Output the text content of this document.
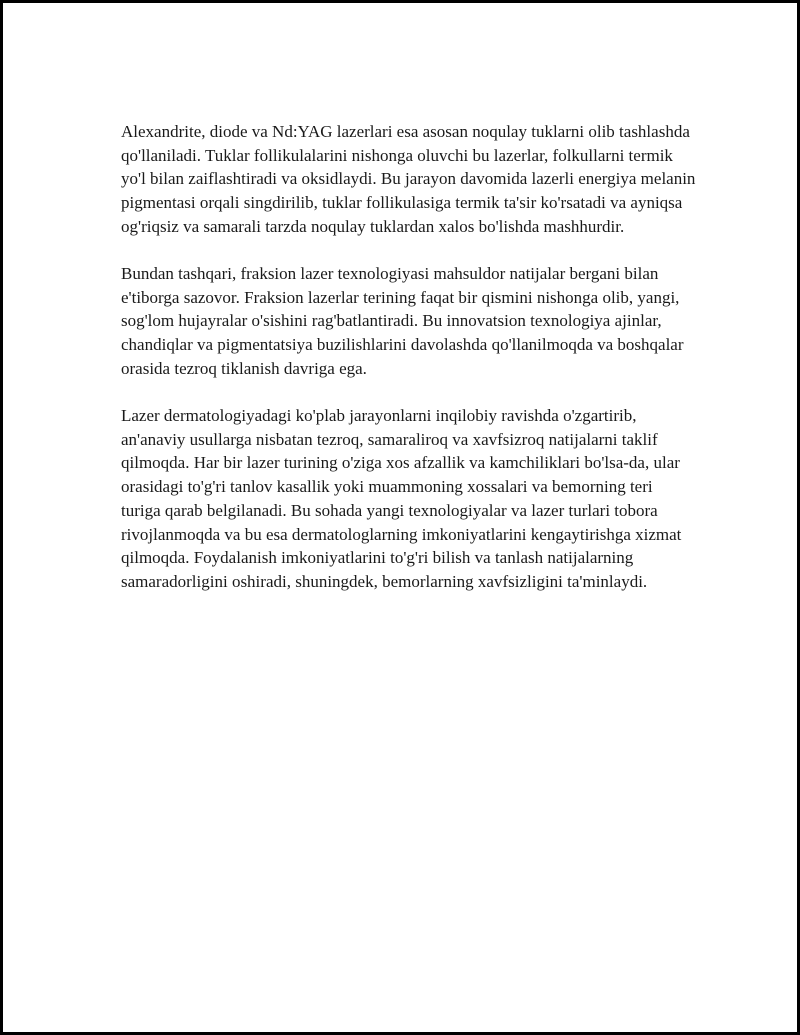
Alexandrite, diode va Nd:YAG lazerlari esa asosan noqulay tuklarni olib tashlashda qo'llaniladi. Tuklar follikulalarini nishonga oluvchi bu lazerlar, folkullarni termik yo'l bilan zaiflashtiradi va oksidlaydi. Bu jarayon davomida lazerli energiya melanin pigmentasi orqali singdirilib, tuklar follikulasiga termik ta'sir ko'rsatadi va ayniqsa og'riqsiz va samarali tarzda noqulay tuklardan xalos bo'lishda mashhurdir.

Bundan tashqari, fraksion lazer texnologiyasi mahsuldor natijalar bergani bilan e'tiborga sazovor. Fraksion lazerlar terining faqat bir qismini nishonga olib, yangi, sog'lom hujayralar o'sishini rag'batlantiradi. Bu innovatsion texnologiya ajinlar, chandiqlar va pigmentatsiya buzilishlarini davolashda qo'llanilmoqda va boshqalar orasida tezroq tiklanish davriga ega.

Lazer dermatologiyadagi ko'plab jarayonlarni inqilobiy ravishda o'zgartirib, an'anaviy usullarga nisbatan tezroq, samaraliroq va xavfsizroq natijalarni taklif qilmoqda. Har bir lazer turining o'ziga xos afzallik va kamchiliklari bo'lsa-da, ular orasidagi to'g'ri tanlov kasallik yoki muammoning xossalari va bemorning teri turiga qarab belgilanadi. Bu sohada yangi texnologiyalar va lazer turlari tobora rivojlanmoqda va bu esa dermatologlarning imkoniyatlarini kengaytirishga xizmat qilmoqda. Foydalanish imkoniyatlarini to'g'ri bilish va tanlash natijalarning samaradorligini oshiradi, shuningdek, bemorlarning xavfsizligini ta'minlaydi.
